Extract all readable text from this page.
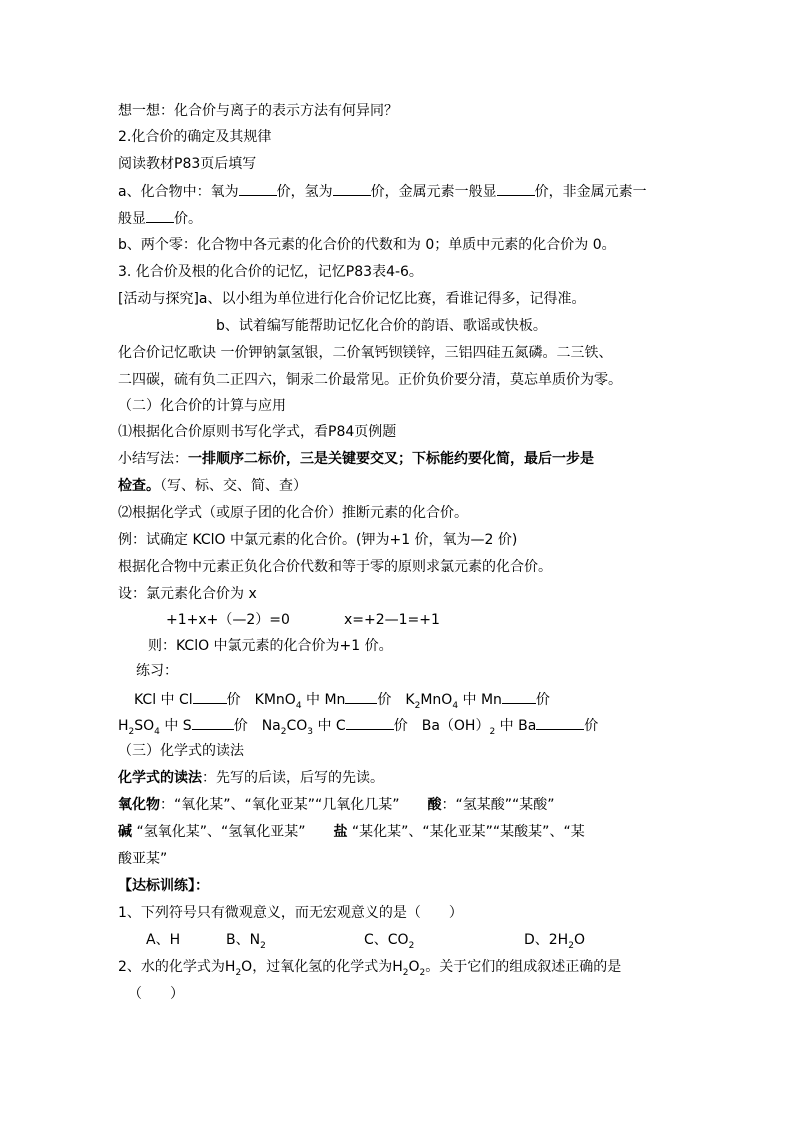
想一想：化合价与离子的表示方法有何异同？
2.化合价的确定及其规律
阅读教材P83页后填写
a、化合物中：氧为	价，氢为	价，金属元素一般显	价，非金属元素一
般显 价。
b、两个零：化合物中各元素的化合价的代数和为 0；单质中元素的化合价为 0。
3. 化合价及根的化合价的记忆，记忆P83表4-6。
[活动与探究]a、以小组为单位进行化合价记忆比赛，看谁记得多，记得准。
b、试着编写能帮助记忆化合价的韵语、歌谣或快板。
化合价记忆歌诀 一价钾钠氯氢银，二价氧钙钡镁锌，三铝四硅五氮磷。二三铁、
二四碳，硫有负二正四六，铜汞二价最常见。正价负价要分清，莫忘单质价为零。
（二）化合价的计算与应用
⑴根据化合价原则书写化学式，看P84页例题
小结写法：一排顺序二标价，三是关键要交叉；下标能约要化简，最后一步是
检查。（写、标、交、简、查）
⑵根据化学式（或原子团的化合价）推断元素的化合价。
例：试确定 KClO 中氯元素的化合价。(钾为+1 价，氧为—2 价)
根据化合物中元素正负化合价代数和等于零的原则求氯元素的化合价。
设：氯元素化合价为 x
+1+x+（—2）=0	x=+2—1=+1
则：KClO 中氯元素的化合价为+1 价。
练习：
KCl 中 Cl 价　 KMnO$_4$ 中 Mn 价　 $K_2MnO_4$ 中 Mn 价
$H_2SO_4$ 中 S	价　 $Na_2CO_3$ 中 C	价　 $Ba(OH)_2$ 中 Ba	价
（三）化学式的读法
化学式的读法：先写的后读，后写的先读。
氧化物：“氧化某”、“氧化亚某”“几氧化几某”　　 酸：“氢某酸”“某酸”
碱 “氢氧化某”、“氢氧化亚某”　　 盐 “某化某”、“某化亚某”“某酸某”、“某
酸亚某”
【达标训练】：
1、下列符号只有微观意义，而无宏观意义的是（　　）
A、H	B、$N_2$	C、$CO_2$	D、$2H_2O$
2、水的化学式为$H_2O$，过氧化氢的化学式为$H_2O_2$。关于它们的组成叙述正确的是
（　　）
